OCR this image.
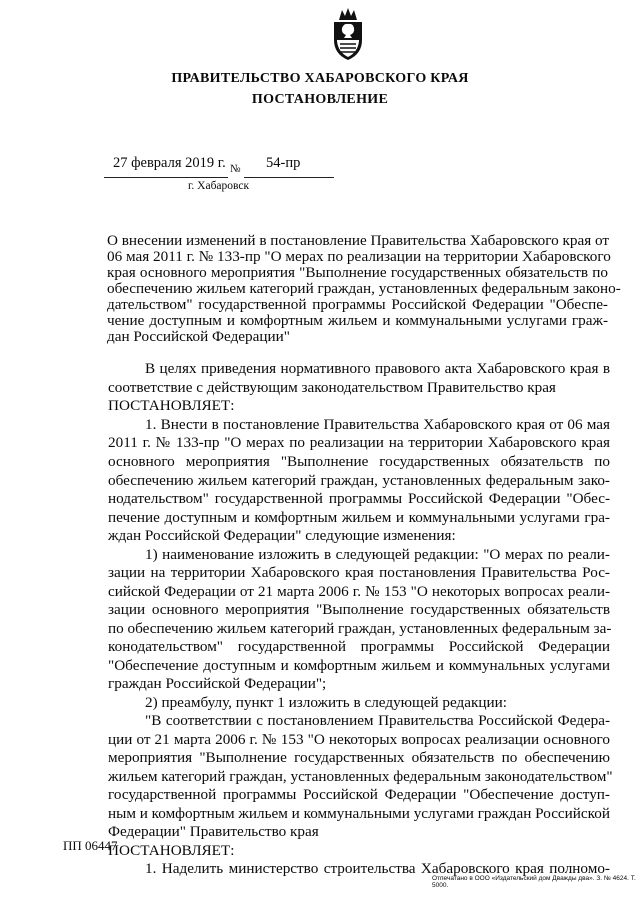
ПРАВИТЕЛЬСТВО ХАБАРОВСКОГО КРАЯ

ПОСТАНОВЛЕНИЕ

27 февраля 2019 г. № 54-пр
г. Хабаровск

О внесении изменений в постановление Правительства Хабаровского края от

06 мая 2011 г. № 133-пр "О мерах по реализации на территории Хабаровского

края основного мероприятия "Выполнение государственных обязательств по

обеспечению жильем категорий граждан, установленных федеральным законо-

дательством" государственной программы Российской Федерации "Обеспе-

чение доступным и комфортным жильем и коммунальными услугами граж-

дан Российской Федерации"

В целях приведения нормативного правового акта Хабаровского края в

соответствие с действующим законодательством Правительство края

ПОСТАНОВЛЯЕТ:

1. Внести в постановление Правительства Хабаровского края от 06 мая

2011 г. № 133-пр "О мерах по реализации на территории Хабаровского края

основного мероприятия "Выполнение государственных обязательств по

обеспечению жильем категорий граждан, установленных федеральным зако-

нодательством" государственной программы Российской Федерации "Обес-

печение доступным и комфортным жильем и коммунальными услугами гра-

ждан Российской Федерации" следующие изменения:

1) наименование изложить в следующей редакции: "О мерах по реали-

зации на территории Хабаровского края постановления Правительства Рос-

сийской Федерации от 21 марта 2006 г. № 153 "О некоторых вопросах реали-

зации основного мероприятия "Выполнение государственных обязательств

по обеспечению жильем категорий граждан, установленных федеральным за-

конодательством" государственной программы Российской Федерации

"Обеспечение доступным и комфортным жильем и коммунальных услугами

граждан Российской Федерации";

2) преамбулу, пункт 1 изложить в следующей редакции:

"В соответствии с постановлением Правительства Российской Федера-

ции от 21 марта 2006 г. № 153 "О некоторых вопросах реализации основного

мероприятия "Выполнение государственных обязательств по обеспечению

жильем категорий граждан, установленных федеральным законодательством"

государственной программы Российской Федерации "Обеспечение доступ-

ным и комфортным жильем и коммунальными услугами граждан Российской

Федерации" Правительство края

ПОСТАНОВЛЯЕТ:

1. Наделить министерство строительства Хабаровского края полномо-

ПП 06447
Отпечатано в ООО «Издательский дом Дважды два». З. № 4624. Т. 5000.
